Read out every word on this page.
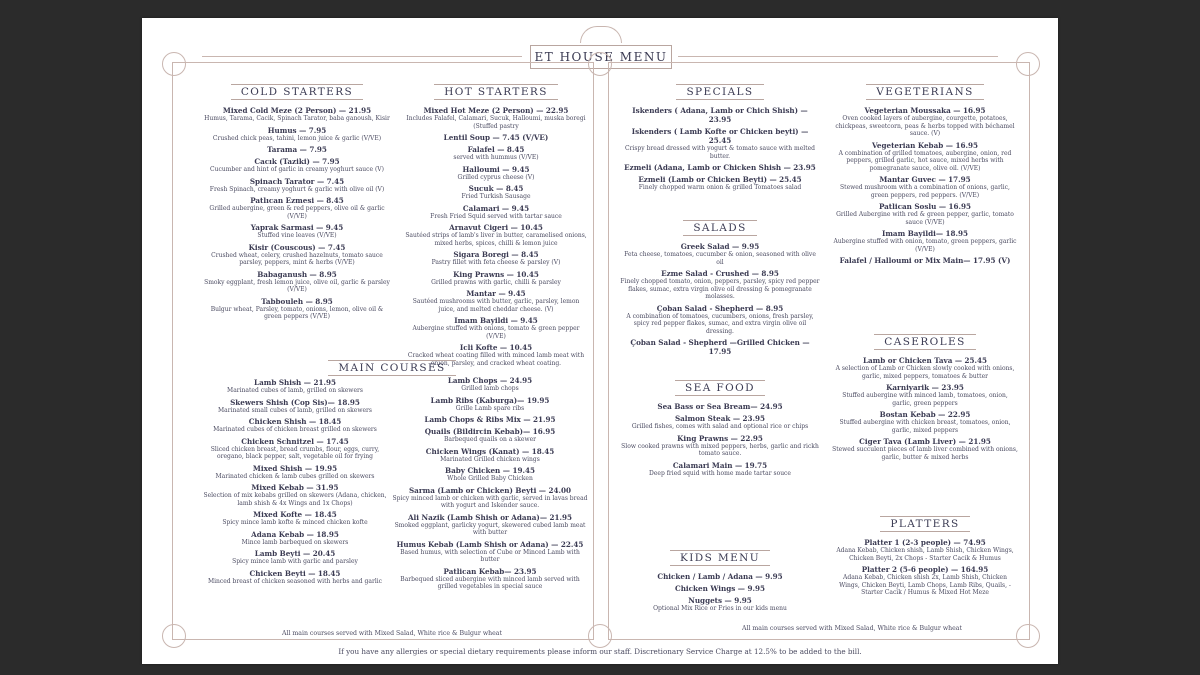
ET HOUSE MENU
COLD STARTERS
Mixed Cold Meze (2 Person) — 21.95
Humus, Tarama, Cacik, Spinach Tarator, baba ganoush, Kisir
Humus — 7.95
Crushed chick peas, tahini, lemon juice & garlic (V/VE)
Tarama — 7.95
Cacık (Taziki) — 7.95
Cucumber and hint of garlic in creamy yoghurt sauce (V)
Spinach Tarator — 7.45
Fresh Spinach, creamy yoghurt & garlic with olive oil (V)
Patlıcan Ezmesi — 8.45
Grilled aubergine, green & red peppers, olive oil & garlic (V/VE)
Yaprak Sarmasi — 9.45
Stuffed vine leaves (V/VE)
Kisir (Couscous) — 7.45
Crushed wheat, celery, crushed hazelnuts, tomato sauce parsley, peppers, mint & herbs (V/VE)
Babaganush — 8.95
Smoky eggplant, fresh lemon juice, olive oil, garlic & parsley (V/VE)
Tabbouleh — 8.95
Bulgur wheat, Parsley, tomato, onions, lemon, olive oil & green peppers (V/VE)
HOT STARTERS
Mixed Hot Meze (2 Person) — 22.95
Includes Falafel, Calamari, Sucuk, Halloumi, muska boregi (Stuffed pastry
Lentil Soup — 7.45 (V/VE)
Falafel — 8.45
served with hummus (V/VE)
Halloumi — 9.45
Grilled cyprus cheese (V)
Sucuk — 8.45
Fried Turkish Sausage
Calamari — 9.45
Fresh Fried Squid served with tartar sauce
Arnavut Cigeri — 10.45
Sautéed strips of lamb's liver in butter, caramelised onions, mixed herbs, spices, chilli & lemon juice
Sigara Boregi — 8.45
Pastry fillet with feta cheese & parsley (V)
King Prawns — 10.45
Grilled prawns with garlic, chilli & parsley
Mantar — 9.45
Sautéed mushrooms with butter, garlic, parsley, lemon juice, and melted cheddar cheese. (V)
Imam Bayildi — 9.45
Aubergine stuffed with onions, tomato & green pepper (V/VE)
Icli Kofte — 10.45
Cracked wheat coating filled with minced lamb meat with onion, parsley, and cracked wheat coating.
MAIN COURSES
Lamb Shish — 21.95
Marinated cubes of lamb, grilled on skewers
Skewers Shish (Cop Sis)— 18.95
Marinated small cubes of lamb, grilled on skewers
Chicken Shish — 18.45
Marinated cubes of chicken breast grilled on skewers
Chicken Schnitzel — 17.45
Sliced chicken breast, bread crumbs, flour, eggs, curry, oregano, black pepper, salt, vegetable oil for frying
Mixed Shish — 19.95
Marinated chicken & lamb cubes grilled on skewers
Mixed Kebab — 31.95
Selection of mix kebabs grilled on skewers (Adana, chicken, lamb shish & 4x Wings and 1x Chops)
Mixed Kofte — 18.45
Spicy mince lamb kofte & minced chicken kofte
Adana Kebab — 18.95
Mince lamb barbequed on skewers
Lamb Beyti — 20.45
Spicy mince lamb with garlic and parsley
Chicken Beyti — 18.45
Minced breast of chicken seasoned with herbs and garlic
Lamb Chops — 24.95
Grilled lamb chops
Lamb Ribs (Kaburga)— 19.95
Grille Lamb spare ribs
Lamb Chops & Ribs Mix — 21.95
Quails (Bildircin Kebab)— 16.95
Barbequed quails on a skewer
Chicken Wings (Kanat) — 18.45
Marinated Grilled chicken wings
Baby Chicken — 19.45
Whole Grilled Baby Chicken
Sarma (Lamb or Chicken) Beyti — 24.00
Spicy minced lamb or chicken with garlic, served in lavas bread with yogurt and Iskender sauce.
Ali Nazik (Lamb Shish or Adana)— 21.95
Smoked eggplant, garlicky yogurt, skewered cubed lamb meat with butter
Humus Kebab (Lamb Shish or Adana) — 22.45
Based humus, with selection of Cube or Minced Lamb with butter
Patlican Kebab— 23.95
Barbequed sliced aubergine with minced lamb served with grilled vegetables in special sauce
All main courses served with Mixed Salad, White rice & Bulgur wheat
SPECIALS
Iskenders ( Adana, Lamb or Chich Shish) — 23.95
Iskenders ( Lamb Kofte or Chicken beyti) — 25.45
Crispy bread dressed with yogurt & tomato sauce with melted butter.
Ezmeli (Adana, Lamb or Chicken Shish — 23.95
Ezmeli (Lamb or Chicken Beyti) — 25.45
Finely chopped warm onion & grilled Tomatoes salad
SALADS
Greek Salad — 9.95
Feta cheese, tomatoes, cucumber & onion, seasoned with olive oil
Ezme Salad - Crushed — 8.95
Finely chopped tomato, onion, peppers, parsley, spicy red pepper flakes, sumac, extra virgin olive oil dressing & pomegranate molasses.
Çoban Salad - Shepherd — 8.95
A combination of tomatoes, cucumbers, onions, fresh parsley, spicy red pepper flakes, sumac, and extra virgin olive oil dressing.
Çoban Salad - Shepherd —Grilled Chicken — 17.95
SEA FOOD
Sea Bass or Sea Bream— 24.95
Salmon Steak — 23.95
Grilled fishes, comes with salad and optional rice or chips
King Prawns — 22.95
Slow cooked prawns with mixed peppers, herbs, garlic and rickh tomato sauce.
Calamari Main — 19.75
Deep fried squid with home made tartar souce
KIDS MENU
Chicken / Lamb / Adana — 9.95
Chicken Wings — 9.95
Nuggets — 9.95
Optional Mix Rice or Fries in our kids menu
VEGETERIANS
Vegeterian Moussaka — 16.95
Oven cooked layers of aubergine, courgette, potatoes, chickpeas, sweetcorn, peas & herbs topped with béchamel sauce. (V)
Vegeterian Kebab — 16.95
A combination of grilled tomatoes, aubergine, onion, red peppers, grilled garlic, hot sauce, mixed herbs with pomegranate sauce, olive oil. (V/VE)
Mantar Guvec — 17.95
Stewed mushroom with a combination of onions, garlic, green peppers, red peppers. (V/VE)
Patlican Soslu — 16.95
Grilled Aubergine with red & green pepper, garlic, tomato sauce (V/VE)
Imam Bayildi— 18.95
Aubergine stuffed with onion, tomato, green peppers, garlic (V/VE)
Falafel / Halloumi or Mix Main— 17.95 (V)
CASEROLES
Lamb or Chicken Tava — 25.45
A selection of Lamb or Chicken slowly cooked with onions, garlic, mixed peppers, tomatoes & butter
Karniyarik — 23.95
Stuffed aubergine with minced lamb, tomatoes, onion, garlic, green peppers
Bostan Kebab — 22.95
Stuffed aubergine with chicken breast, tomatoes, onion, garlic, mixed peppers
Ciger Tava (Lamb Liver) — 21.95
Stewed succulent pieces of lamb liver combined with onions, garlic, butter & mixed herbs
PLATTERS
Platter 1 (2-3 people) — 74.95
Adana Kebab, Chicken shish, Lamb Shish, Chicken Wings, Chicken Beyti, 2x Chops - Starter Cacik & Humus
Platter 2 (5-6 people) — 164.95
Adana Kebab, Chicken shish 2x, Lamb Shish, Chicken Wings, Chicken Beyti, Lamb Chops, Lamb Ribs, Quails, - Starter Cacik / Humus & Mixed Hot Meze
All main courses served with Mixed Salad, White rice & Bulgur wheat
If you have any allergies or special dietary requirements please inform our staff. Discretionary Service Charge at 12.5% to be added to the bill.
